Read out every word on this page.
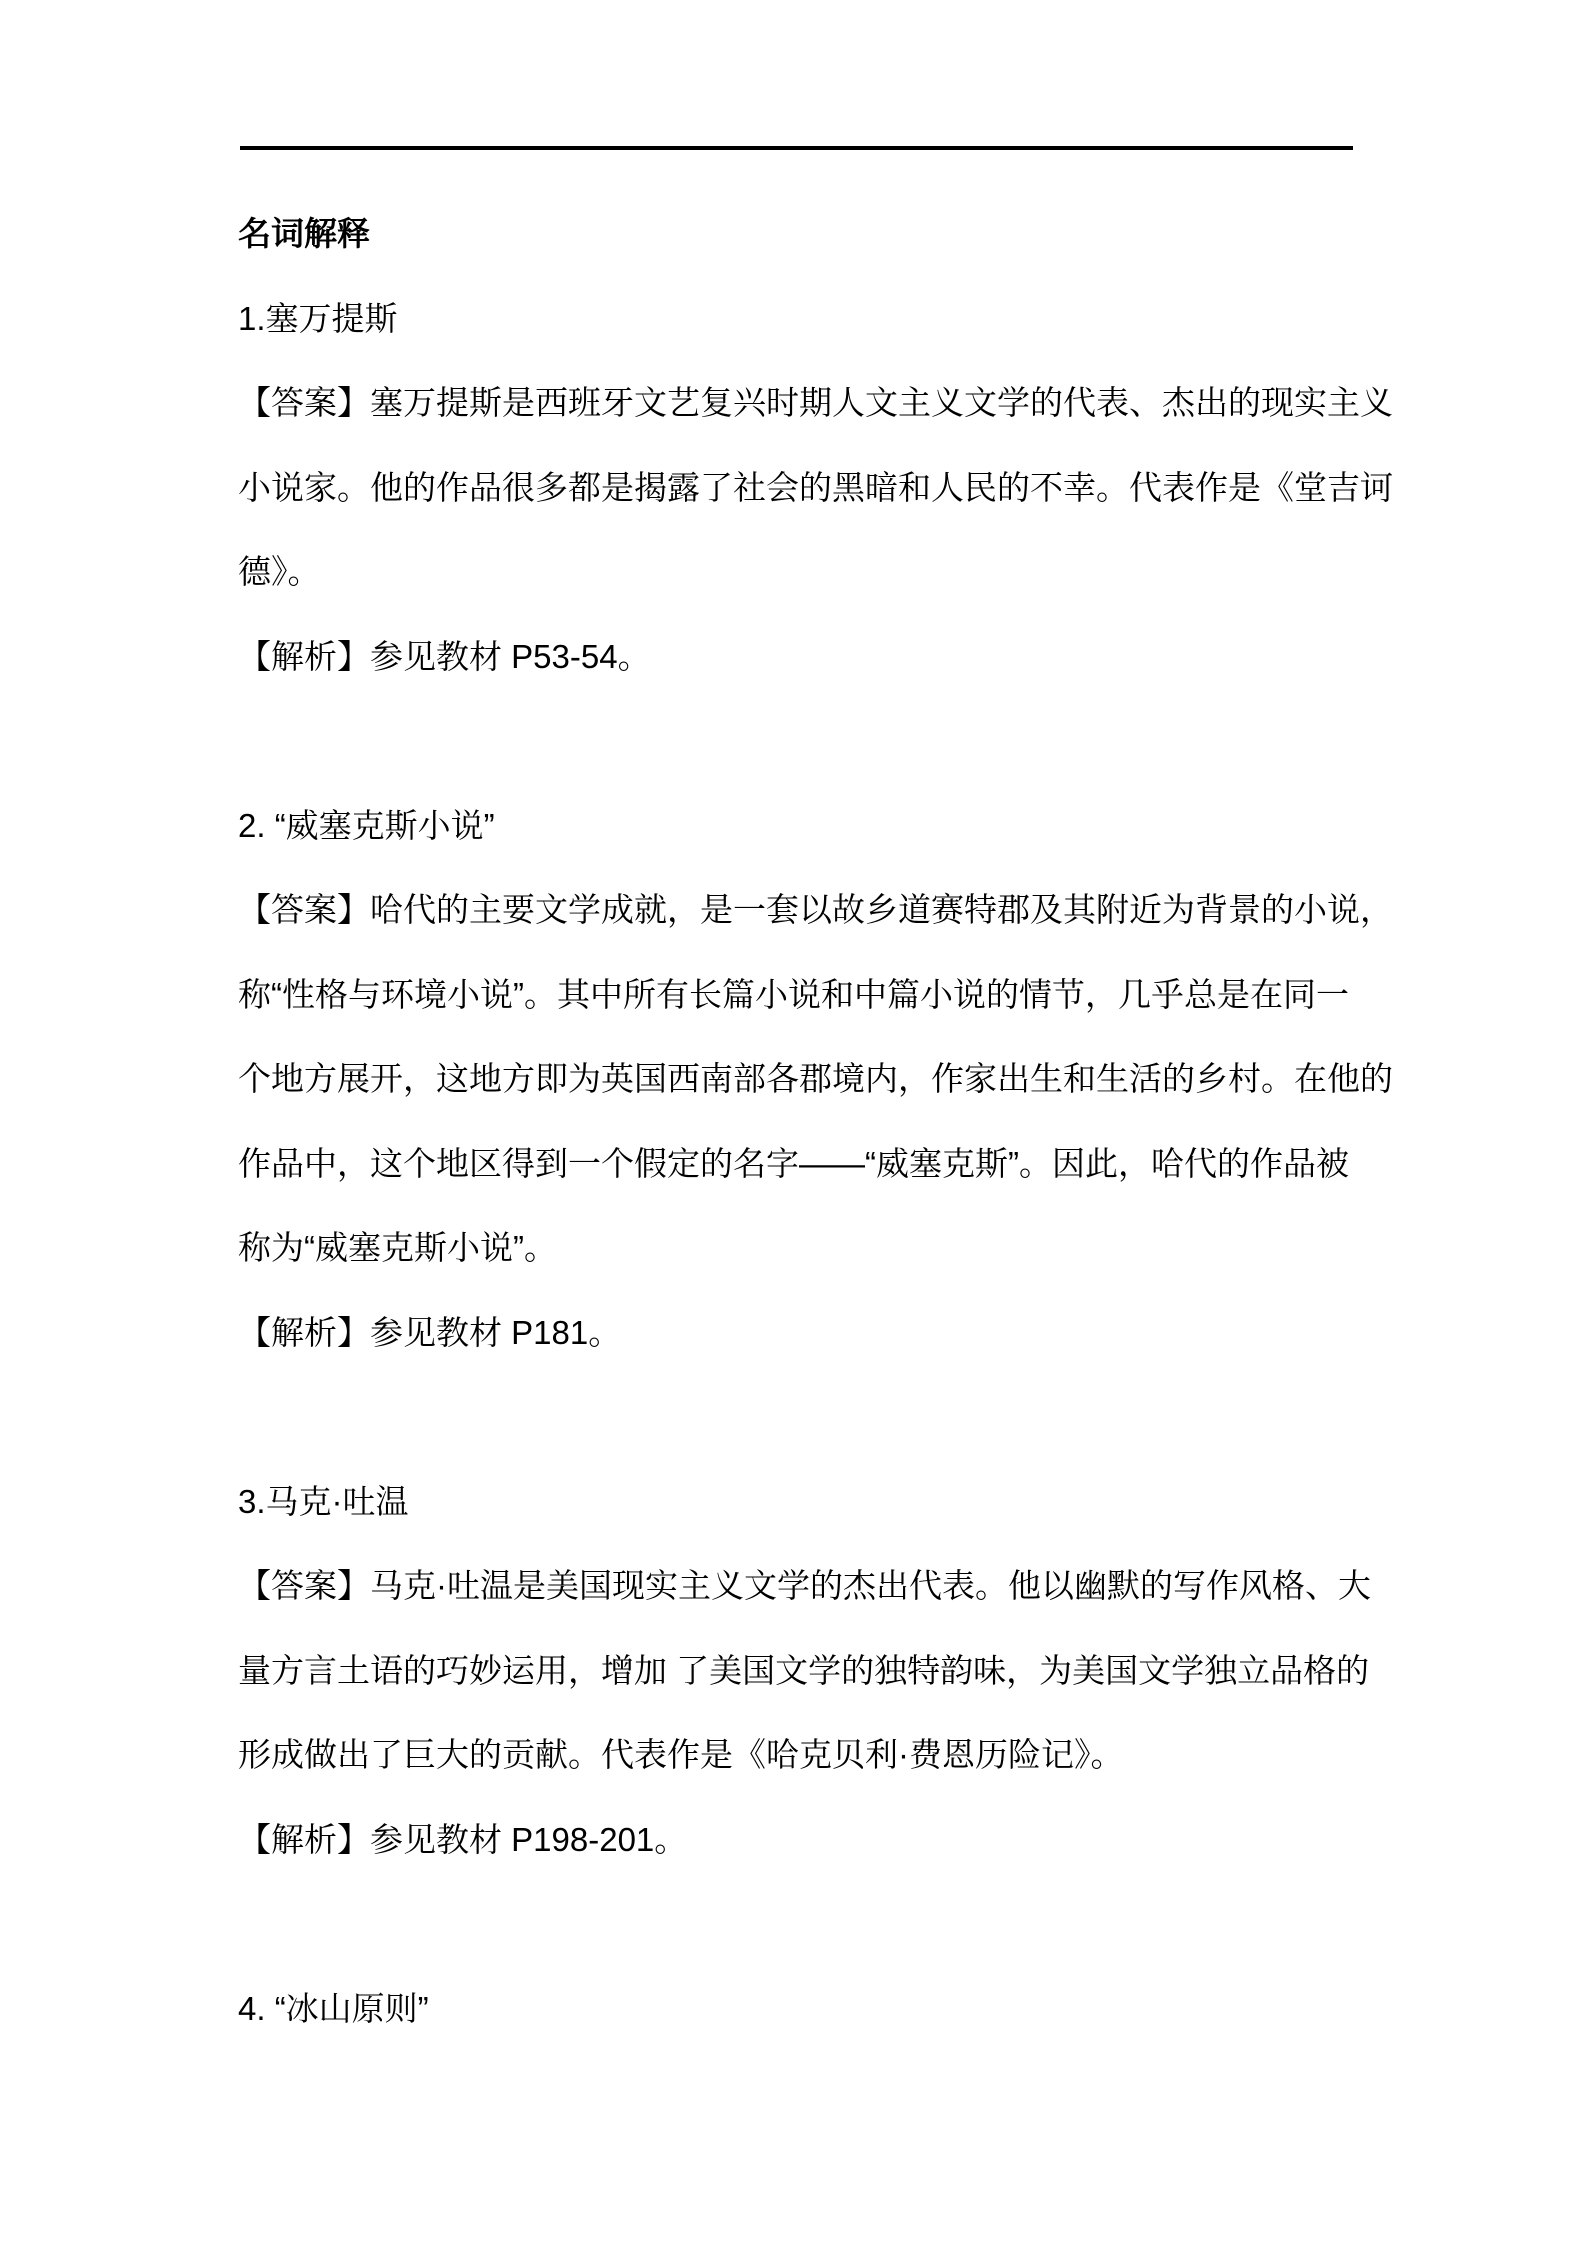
名词解释
1.塞万提斯
【答案】塞万提斯是西班牙文艺复兴时期人文主义文学的代表、杰出的现实主义
小说家。他的作品很多都是揭露了社会的黑暗和人民的不幸。代表作是《堂吉诃
德》。
【解析】参见教材 P53-54。
2. “威塞克斯小说”
【答案】哈代的主要文学成就，是一套以故乡道赛特郡及其附近为背景的小说，
称“性格与环境小说”。其中所有长篇小说和中篇小说的情节，几乎总是在同一
个地方展开，这地方即为英国西南部各郡境内，作家出生和生活的乡村。在他的
作品中，这个地区得到一个假定的名字——“威塞克斯”。因此，哈代的作品被
称为“威塞克斯小说”。
【解析】参见教材 P181。
3.马克·吐温
【答案】马克·吐温是美国现实主义文学的杰出代表。他以幽默的写作风格、大
量方言土语的巧妙运用，增加 了美国文学的独特韵味，为美国文学独立品格的
形成做出了巨大的贡献。代表作是《哈克贝利·费恩历险记》。
【解析】参见教材 P198-201。
4. “冰山原则”
